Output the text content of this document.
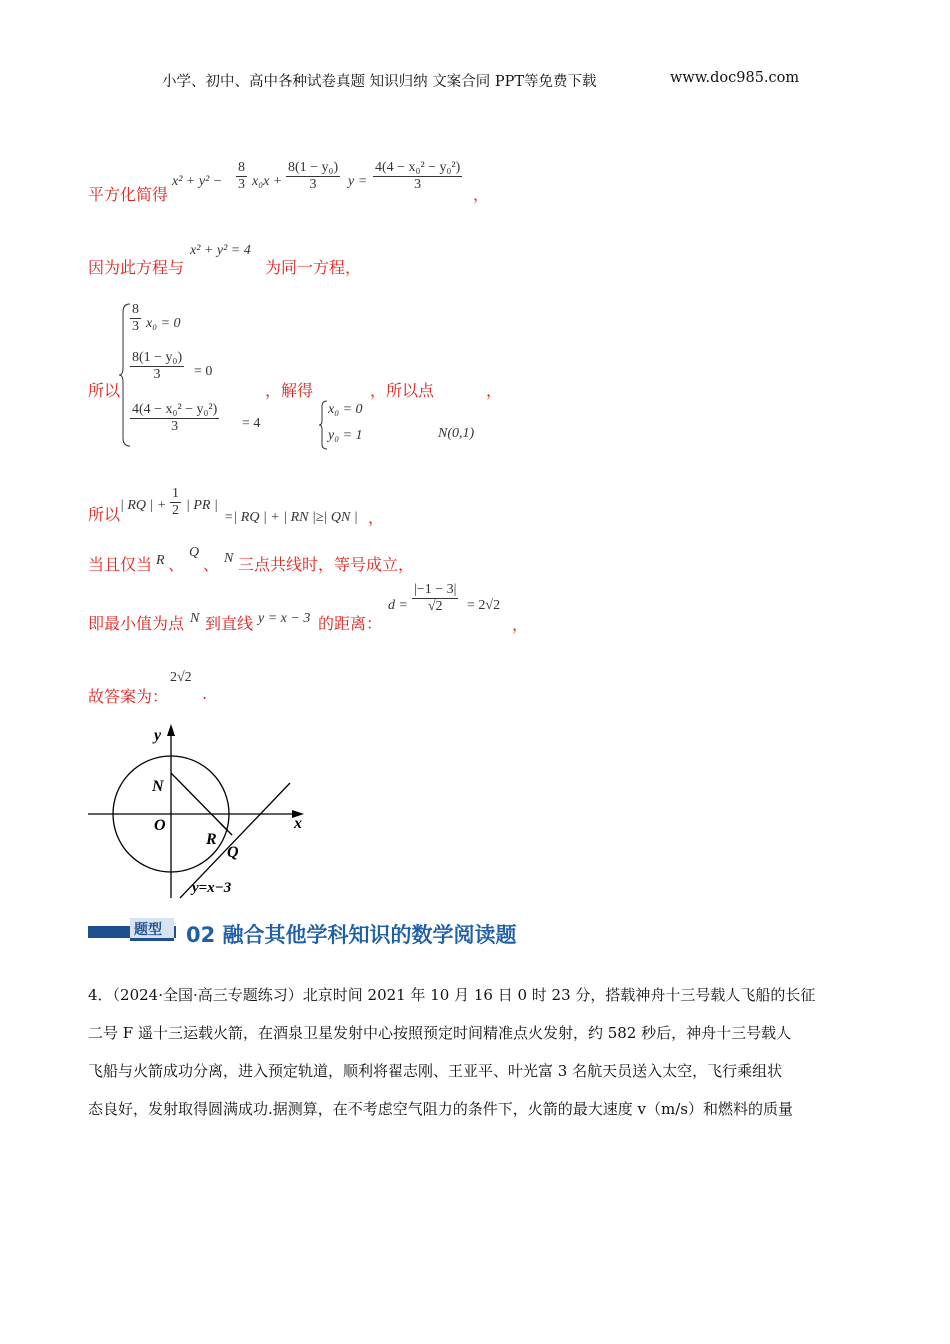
小学、初中、高中各种试卷真题 知识归纳 文案合同 PPT等免费下载	www.doc985.com
平方化简得
$x^2 + y^2 - \frac{8}{3} x_0x + \frac{\text{8(1 − y₀)}}{3}$ $y = \frac{\text{4(4 − x₀² − y₀²)}}{3}$
，
因为此方程与
x² + y² = 4
为同一方程，
所以
$\frac{8}{3} x_0 = 0$
$\frac{\text{8(1 − y₀)}}{3} = 0$
$\frac{\text{4(4 − x₀² − y₀²)}}{3} = 4$
，解得
x₀ = 0
y₀ = 1
，所以点
N(0,1)
，
所以 | RQ | + $\frac{1}{2}$ | PR |
=| RQ | + | RN |≥| QN | ，
当且仅当 R 、
Q
、 N 三点共线时，等号成立，
即最小值为点 N 到直线 y = x − 3 的距离：
$d = \frac{|-1 - 3|}{√2} = 2√2$
，
故答案为：
2√2
.
y
x
N
O
R
Q
y=x−3
题型 02 融合其他学科知识的数学阅读题
4．（2024·全国·高三专题练习）北京时间 2021 年 10 月 16 日 0 时 23 分，搭载神舟十三号载人飞船的长征
二号 F 遥十三运载火箭，在酒泉卫星发射中心按照预定时间精准点火发射，约 582 秒后，神舟十三号载人
飞船与火箭成功分离，进入预定轨道，顺利将翟志刚、王亚平、叶光富 3 名航天员送入太空，飞行乘组状
态良好，发射取得圆满成功.据测算，在不考虑空气阻力的条件下，火箭的最大速度 v（m/s）和燃料的质量
